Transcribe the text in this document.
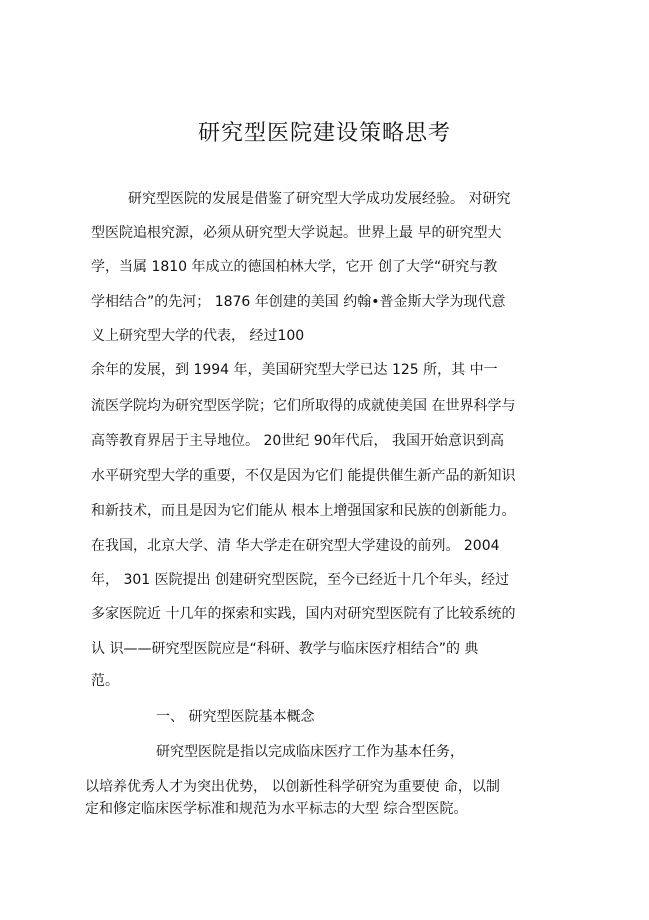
研究型医院建设策略思考
研究型医院的发展是借鉴了研究型大学成功发展经验。 对研究
型医院追根究源，必须从研究型大学说起。世界上最 早的研究型大
学，当属 1810 年成立的德国柏林大学，它开 创了大学“研究与教
学相结合”的先河； 1876 年创建的美国 约翰•普金斯大学为现代意
义上研究型大学的代表， 经过100
余年的发展，到 1994 年，美国研究型大学已达 125 所，其 中一
流医学院均为研究型医学院；它们所取得的成就使美国 在世界科学与
高等教育界居于主导地位。 20世纪 90年代后， 我国开始意识到高
水平研究型大学的重要，不仅是因为它们 能提供催生新产品的新知识
和新技术，而且是因为它们能从 根本上增强国家和民族的创新能力。
在我国，北京大学、清 华大学走在研究型大学建设的前列。 2004
年， 301 医院提出 创建研究型医院，至今已经近十几个年头，经过
多家医院近 十几年的探索和实践，国内对研究型医院有了比较系统的
认 识——研究型医院应是“科研、教学与临床医疗相结合”的 典
范。
一、 研究型医院基本概念
研究型医院是指以完成临床医疗工作为基本任务，
以培养优秀人才为突出优势， 以创新性科学研究为重要使 命，以制
定和修定临床医学标准和规范为水平标志的大型 综合型医院。
